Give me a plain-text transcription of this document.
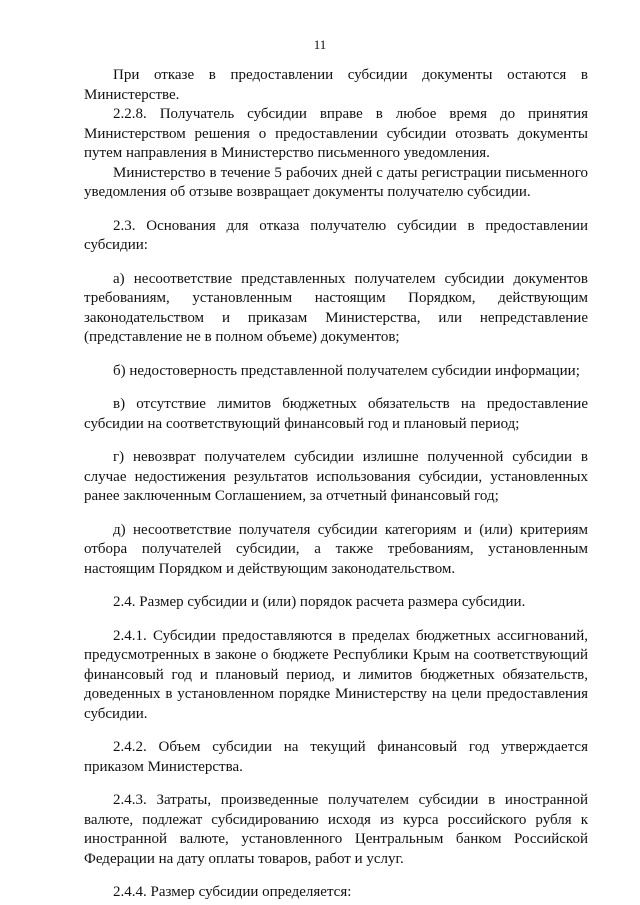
11

При отказе в предоставлении субсидии документы остаются в Министерстве.

2.2.8. Получатель субсидии вправе в любое время до принятия Министерством решения о предоставлении субсидии отозвать документы путем направления в Министерство письменного уведомления.

Министерство в течение 5 рабочих дней с даты регистрации письменного уведомления об отзыве возвращает документы получателю субсидии.

2.3. Основания для отказа получателю субсидии в предоставлении субсидии:

а) несоответствие представленных получателем субсидии документов требованиям, установленным настоящим Порядком, действующим законодательством и приказам Министерства, или непредставление (представление не в полном объеме) документов;

б) недостоверность представленной получателем субсидии информации;

в) отсутствие лимитов бюджетных обязательств на предоставление субсидии на соответствующий финансовый год и плановый период;

г) невозврат получателем субсидии излишне полученной субсидии в случае недостижения результатов использования субсидии, установленных ранее заключенным Соглашением, за отчетный финансовый год;

д) несоответствие получателя субсидии категориям и (или) критериям отбора получателей субсидии, а также требованиям, установленным настоящим Порядком и действующим законодательством.

2.4. Размер субсидии и (или) порядок расчета размера субсидии.

2.4.1. Субсидии предоставляются в пределах бюджетных ассигнований, предусмотренных в законе о бюджете Республики Крым на соответствующий финансовый год и плановый период, и лимитов бюджетных обязательств, доведенных в установленном порядке Министерству на цели предоставления субсидии.

2.4.2. Объем субсидии на текущий финансовый год утверждается приказом Министерства.

2.4.3. Затраты, произведенные получателем субсидии в иностранной валюте, подлежат субсидированию исходя из курса российского рубля к иностранной валюте, установленного Центральным банком Российской Федерации на дату оплаты товаров, работ и услуг.

2.4.4. Размер субсидии определяется:
